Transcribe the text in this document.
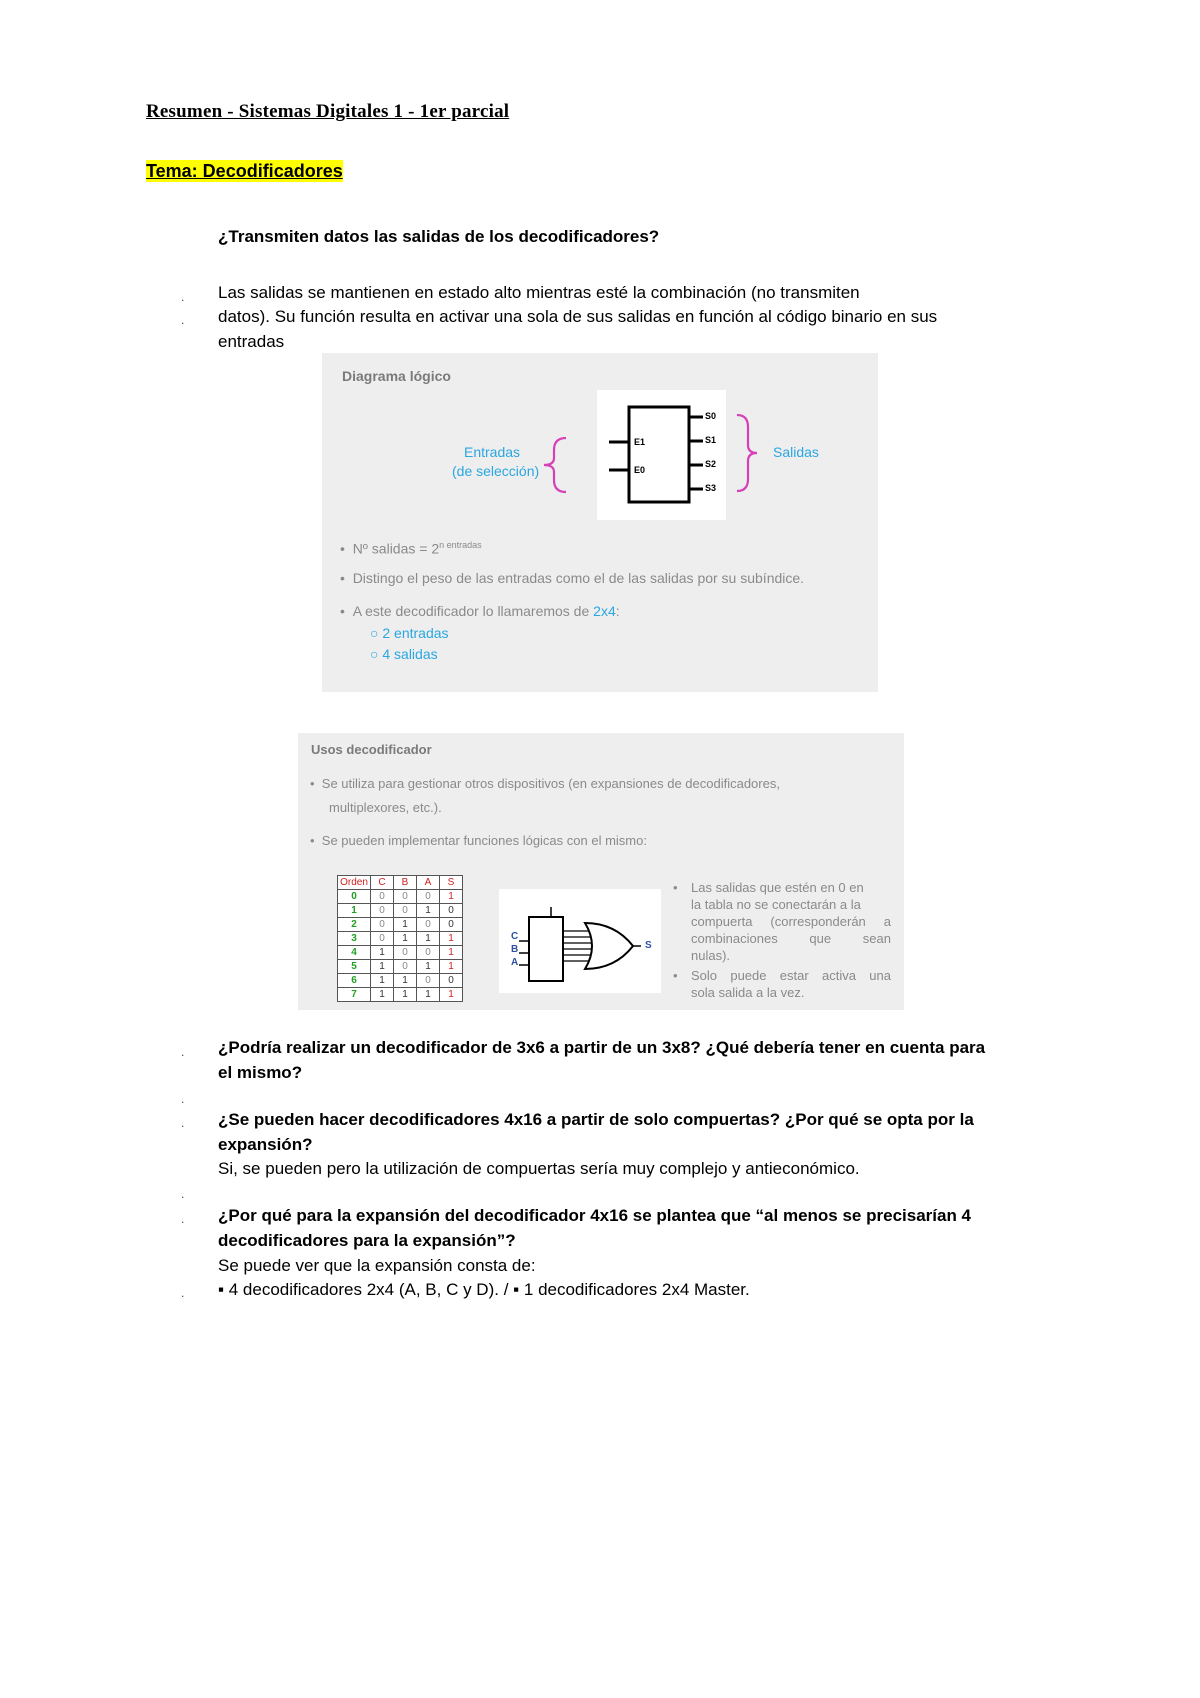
Resumen - Sistemas Digitales 1 - 1er parcial
Tema: Decodificadores
¿Transmiten datos las salidas de los decodificadores?
.
.
Las salidas se mantienen en estado alto mientras esté la combinación (no transmiten
datos). Su función resulta en activar una sola de sus salidas en función al código binario en sus
entradas
Diagrama lógico
Entradas
(de selección)
Salidas
E1
E0
S0
S1
S2
S3
• Nº salidas = $2^{n entradas}$
• Distingo el peso de las entradas como el de las salidas por su subíndice.
• A este decodificador lo llamaremos de 2x4:
○ 2 entradas
○ 4 salidas
Usos decodificador
• Se utiliza para gestionar otros dispositivos (en expansiones de decodificadores,
multiplexores, etc.).
• Se pueden implementar funciones lógicas con el mismo:
Orden	C	B	A	S
0	0	0	0	1
1	0	0	1	0
2	0	1	0	0
3	0	1	1	1
4	1	0	0	1
5	1	0	1	1
6	1	1	0	0
7	1	1	1	1
C
B
A
S
• Las salidas que estén en 0 en
la tabla no se conectarán a la
compuerta (corresponderán a
combinaciones que sean
nulas).
• Solo puede estar activa una
sola salida a la vez.
. ¿Podría realizar un decodificador de 3x6 a partir de un 3x8? ¿Qué debería tener en cuenta para
el mismo?
.
. ¿Se pueden hacer decodificadores 4x16 a partir de solo compuertas? ¿Por qué se opta por la
expansión?
Si, se pueden pero la utilización de compuertas sería muy complejo y antieconómico.
.
. ¿Por qué para la expansión del decodificador 4x16 se plantea que “al menos se precisarían 4
decodificadores para la expansión”?
Se puede ver que la expansión consta de:
. ▪ 4 decodificadores 2x4 (A, B, C y D). / ▪ 1 decodificadores 2x4 Master.
